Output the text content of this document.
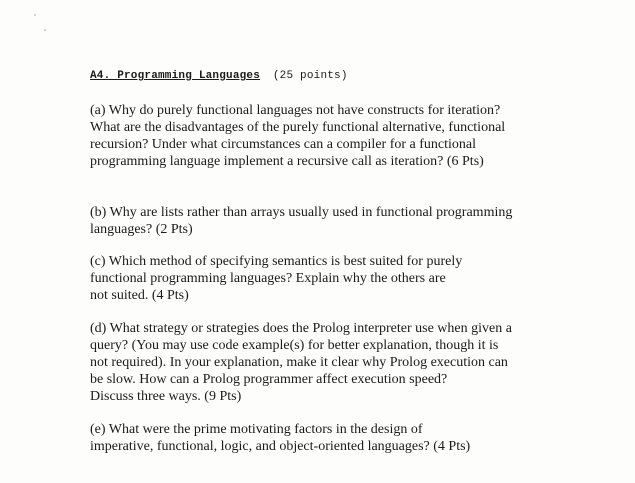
A4. Programming Languages (25 points)
(a) Why do purely functional languages not have constructs for iteration?
What are the disadvantages of the purely functional alternative, functional
recursion? Under what circumstances can a compiler for a functional
programming language implement a recursive call as iteration? (6 Pts)
(b) Why are lists rather than arrays usually used in functional programming
languages? (2 Pts)
(c) Which method of specifying semantics is best suited for purely
functional programming languages? Explain why the others are
not suited. (4 Pts)
(d) What strategy or strategies does the Prolog interpreter use when given a
query? (You may use code example(s) for better explanation, though it is
not required). In your explanation, make it clear why Prolog execution can
be slow. How can a Prolog programmer affect execution speed?
Discuss three ways. (9 Pts)
(e) What were the prime motivating factors in the design of
imperative, functional, logic, and object-oriented languages? (4 Pts)
